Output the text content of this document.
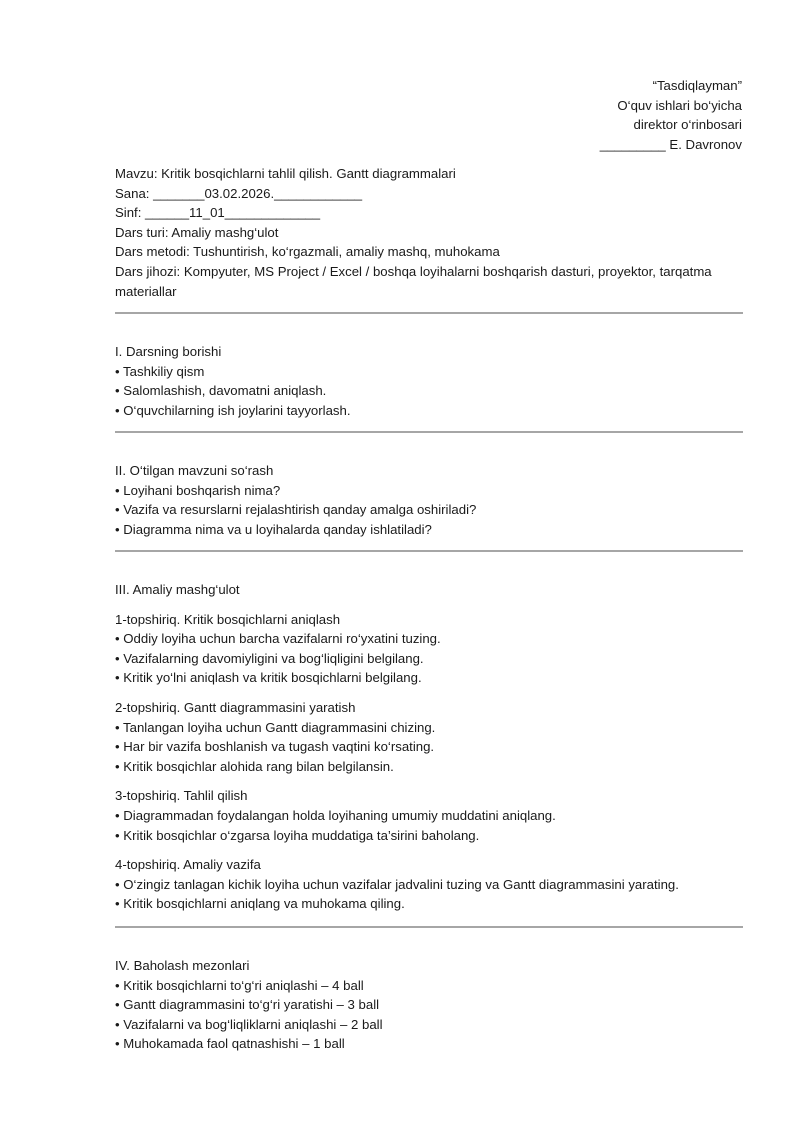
“Tasdiqlayman”
O‘quv ishlari bo‘yicha
direktor o‘rinbosari
_________ E. Davronov
Mavzu: Kritik bosqichlarni tahlil qilish. Gantt diagrammalari
Sana: _______03.02.2026.____________
Sinf: ______11_01_____________
Dars turi: Amaliy mashg‘ulot
Dars metodi: Tushuntirish, ko‘rgazmali, amaliy mashq, muhokama
Dars jihozi: Kompyuter, MS Project / Excel / boshqa loyihalarni boshqarish dasturi, proyektor, tarqatma materiallar
I. Darsning borishi
• Tashkiliy qism
• Salomlashish, davomatni aniqlash.
• O‘quvchilarning ish joylarini tayyorlash.
II. O‘tilgan mavzuni so‘rash
• Loyihani boshqarish nima?
• Vazifa va resurslarni rejalashtirish qanday amalga oshiriladi?
• Diagramma nima va u loyihalarda qanday ishlatiladi?
III. Amaliy mashg‘ulot
1-topshiriq. Kritik bosqichlarni aniqlash
• Oddiy loyiha uchun barcha vazifalarni ro‘yxatini tuzing.
• Vazifalarning davomiyligini va bog‘liqligini belgilang.
• Kritik yo‘lni aniqlash va kritik bosqichlarni belgilang.
2-topshiriq. Gantt diagrammasini yaratish
• Tanlangan loyiha uchun Gantt diagrammasini chizing.
• Har bir vazifa boshlanish va tugash vaqtini ko‘rsating.
• Kritik bosqichlar alohida rang bilan belgilansin.
3-topshiriq. Tahlil qilish
• Diagrammadan foydalangan holda loyihaning umumiy muddatini aniqlang.
• Kritik bosqichlar o‘zgarsa loyiha muddatiga ta’sirini baholang.
4-topshiriq. Amaliy vazifa
• O‘zingiz tanlagan kichik loyiha uchun vazifalar jadvalini tuzing va Gantt diagrammasini yarating.
• Kritik bosqichlarni aniqlang va muhokama qiling.
IV. Baholash mezonlari
• Kritik bosqichlarni to‘g‘ri aniqlashi – 4 ball
• Gantt diagrammasini to‘g‘ri yaratishi – 3 ball
• Vazifalarni va bog‘liqliklarni aniqlashi – 2 ball
• Muhokamada faol qatnashishi – 1 ball
